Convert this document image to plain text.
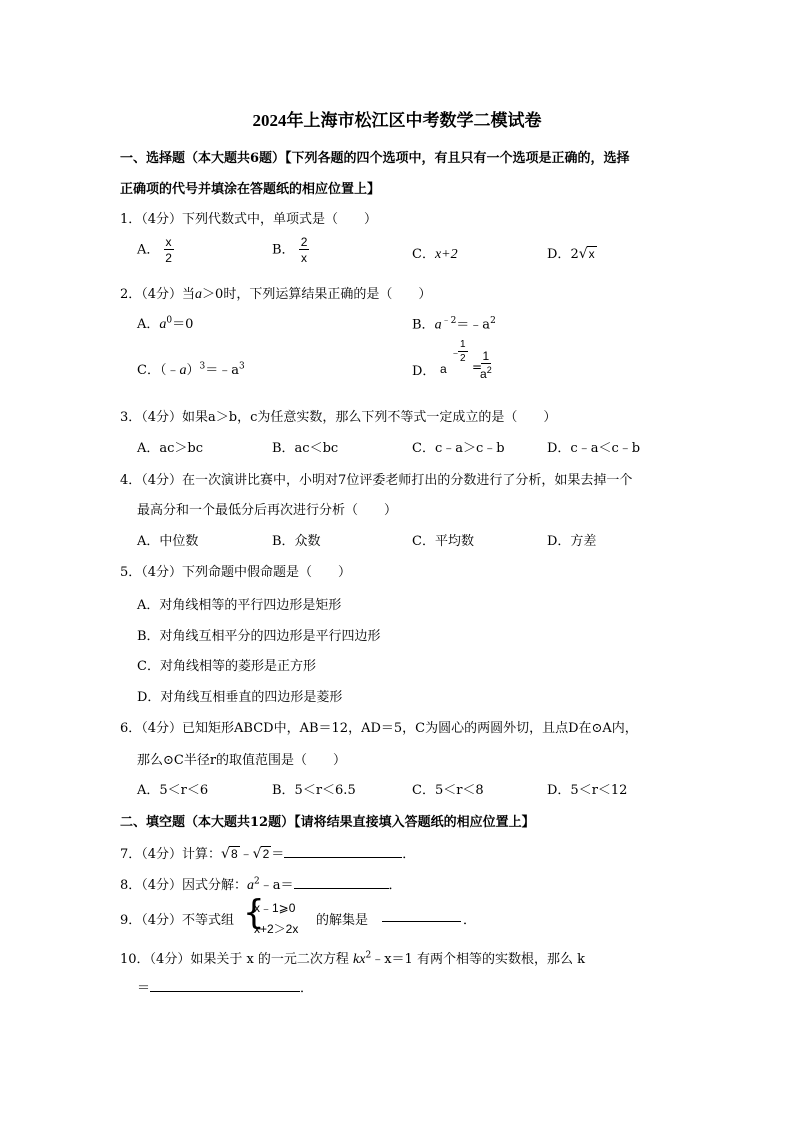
2024年上海市松江区中考数学二模试卷
一、选择题（本大题共6题）【下列各题的四个选项中，有且只有一个选项是正确的，选择
正确项的代号并填涂在答题纸的相应位置上】
1．（4分）下列代数式中，单项式是（　　）
A． $\frac{x}{2}$	B． $\frac{2}{x}$	C．x+2	D．2√x
2．（4分）当a＞0时，下列运算结果正确的是（　　）
A．$a^0=0$	B．$a^{﹣2}=﹣a^2$
C．$(﹣a)^3=﹣a^3$	D． a
﹣
$\frac{1}{2}$
=
$\frac{1}{a^2}$
3．（4分）如果a＞b，c为任意实数，那么下列不等式一定成立的是（　　）
A．ac＞bc	B．ac＜bc	C．c﹣a＞c﹣b	D．c﹣a＜c﹣b
4．（4分）在一次演讲比赛中，小明对7位评委老师打出的分数进行了分析，如果去掉一个
最高分和一个最低分后再次进行分析（　　）
A．中位数	B．众数	C．平均数	D．方差
5．（4分）下列命题中假命题是（　　）
A．对角线相等的平行四边形是矩形
B．对角线互相平分的四边形是平行四边形
C．对角线相等的菱形是正方形
D．对角线互相垂直的四边形是菱形
6．（4分）已知矩形ABCD中，AB＝12，AD＝5，C为圆心的两圆外切，且点D在⊙A内，
那么⊙C半径r的取值范围是（　　）
A．5＜r＜6	B．5＜r＜6.5	C．5＜r＜8	D．5＜r＜12
二、填空题（本大题共12题）【请将结果直接填入答题纸的相应位置上】
7．（4分）计算：√8 ﹣√2 ＝	．
8．（4分）因式分解：$a^2﹣a=$	．
9．（4分）不等式组 {
x﹣1⩾0
x+2＞2x
的解集是	．
10．（4分）如果关于 x 的一元二次方程 $kx^2﹣x=1$ 有两个相等的实数根，那么 k
＝	．
